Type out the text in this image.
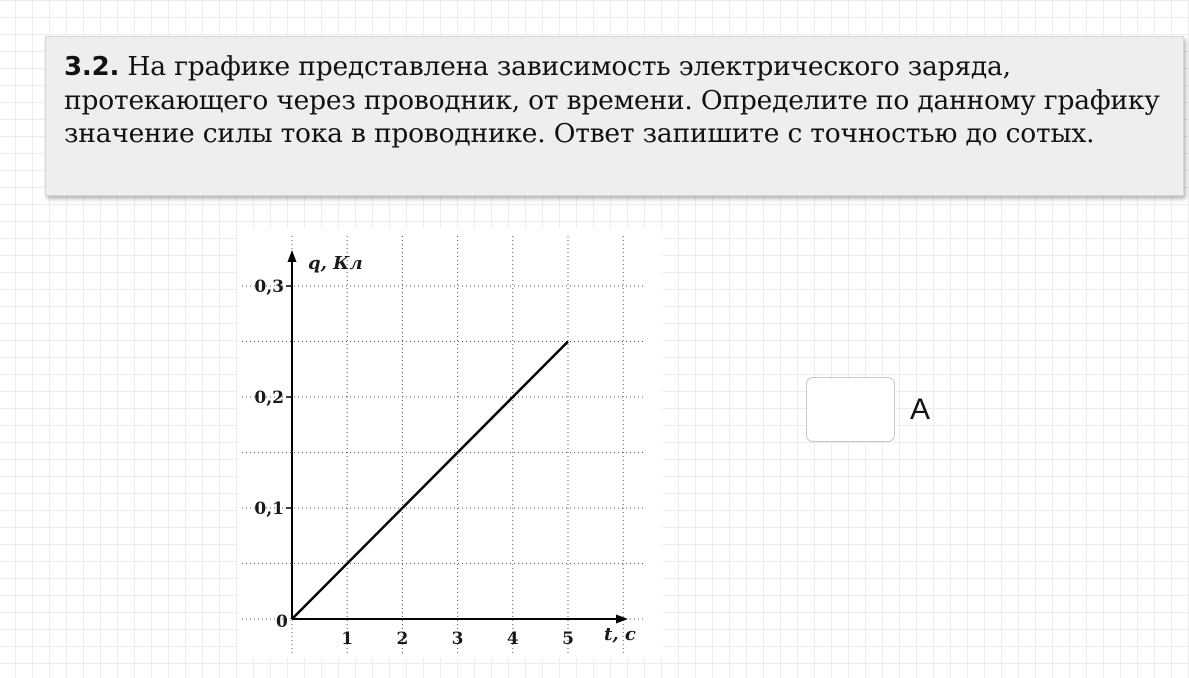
3.2. На графике представлена зависимость электрического заряда, протекающего через проводник, от времени. Определите по данному графику значение силы тока в проводнике. Ответ запишите с точностью до сотых.

q, Кл
t, c
0
1	2	3	4	5
0,1
0,2
0,3
А
